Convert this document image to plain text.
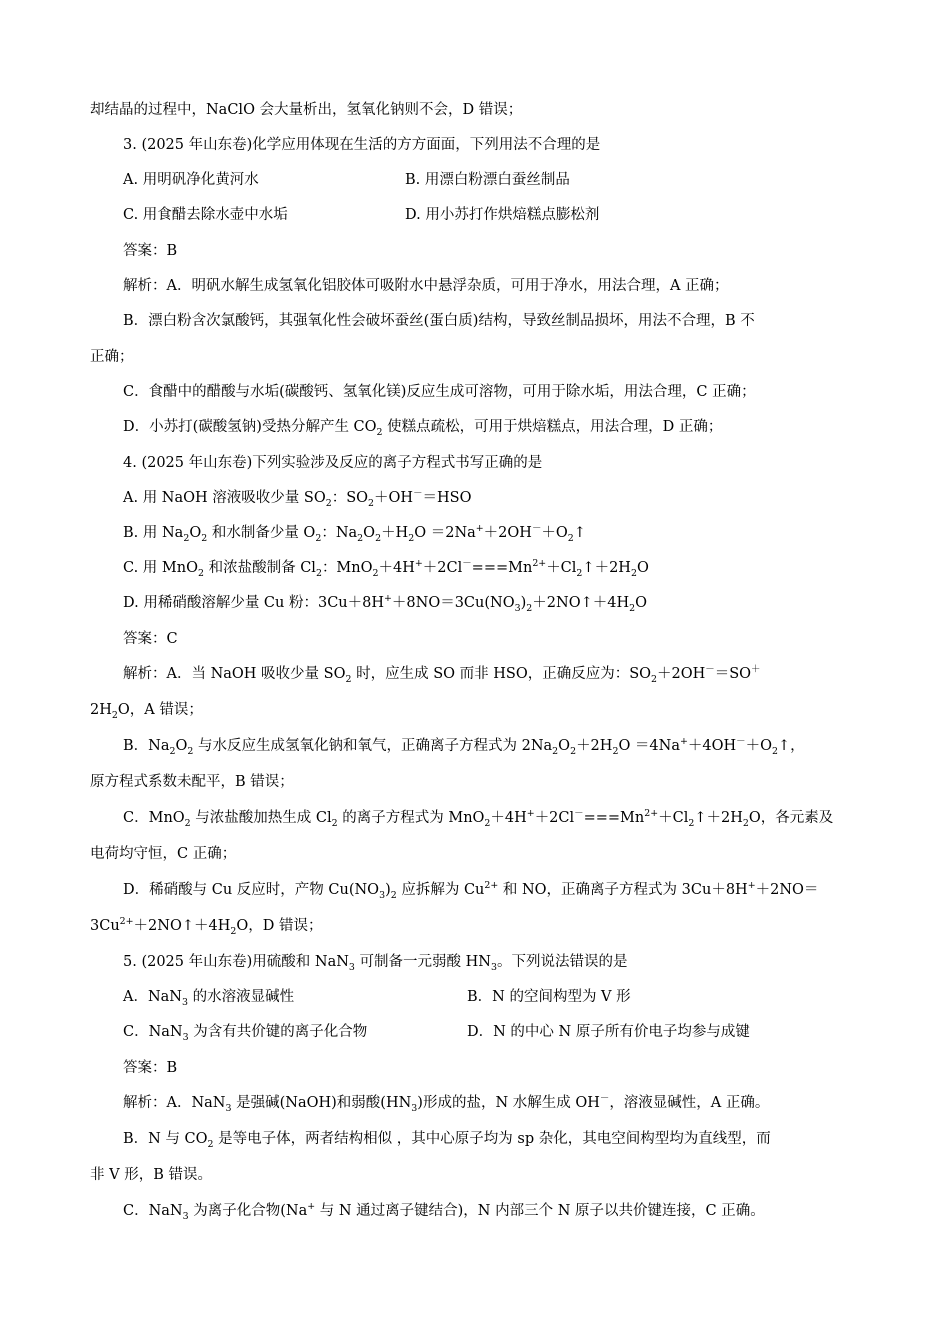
却结晶的过程中，NaClO 会大量析出，氢氧化钠则不会，D 错误；
3. (2025 年山东卷)化学应用体现在生活的方方面面，下列用法不合理的是
A. 用明矾净化黄河水	B. 用漂白粉漂白蚕丝制品
C. 用食醋去除水壶中水垢	D. 用小苏打作烘焙糕点膨松剂
答案：B
解析：A．明矾水解生成氢氧化铝胶体可吸附水中悬浮杂质，可用于净水，用法合理，A 正确；
B．漂白粉含次氯酸钙，其强氧化性会破坏蚕丝(蛋白质)结构，导致丝制品损坏，用法不合理，B 不
正确；
C．食醋中的醋酸与水垢(碳酸钙、氢氧化镁)反应生成可溶物，可用于除水垢，用法合理，C 正确；
D．小苏打(碳酸氢钠)受热分解产生 $CO_2$ 使糕点疏松，可用于烘焙糕点，用法合理，D 正确；
4. (2025 年山东卷)下列实验涉及反应的离子方程式书写正确的是
A. 用 NaOH 溶液吸收少量 $SO_2$：$SO_2+OH^-=HSO$
B. 用 $Na_2O_2$ 和水制备少量 $O_2$：$Na_2O_2+H_2O$ $=2Na^++2OH^-+O_2↑$
C. 用 MnO$_2$ 和浓盐酸制备 $Cl_2$：$MnO_2+4H^++2Cl^-===Mn^{2+}+Cl_2↑+2H_2O$
D. 用稀硝酸溶解少量 Cu 粉：$3Cu+8H^++8NO=3Cu(NO_3)_2+2NO↑+4H_2O$
答案：C
解析：A．当 NaOH 吸收少量 $SO_2$ 时，应生成 SO 而非 HSO，正确反应为：$SO_2+2OH^-=SO^+$
$2H_2O$，A 错误；
B．$Na_2O_2$ 与水反应生成氢氧化钠和氧气，正确离子方程式为 $2Na_2O_2+2H_2O$ $=4Na^++4OH^-+O_2↑$，
原方程式系数未配平，B 错误；
C．MnO$_2$ 与浓盐酸加热生成 $Cl_2$ 的离子方程式为 $MnO_2+4H^++2Cl^-===Mn^{2+}+Cl_2↑+2H_2O$，各元素及
电荷均守恒，C 正确；
D．稀硝酸与 Cu 反应时，产物 $Cu(NO_3)_2$ 应拆解为 $Cu^{2+}$ 和 NO，正确离子方程式为 3Cu＋8H+＋2NO＝
$3Cu^{2+}+2NO↑+4H_2O$，D 错误；
5. (2025 年山东卷)用硫酸和 NaN$_3$ 可制备一元弱酸 $HN_3$。下列说法错误的是
A．NaN$_3$ 的水溶液显碱性	B．N 的空间构型为 V 形
C．NaN$_3$ 为含有共价键的离子化合物	D．N 的中心 N 原子所有价电子均参与成键
答案：B
解析：A．NaN$_3$ 是强碱(NaOH)和弱酸$(HN_3)$形成的盐，N 水解生成 OH－，溶液显碱性，A 正确。
B．N 与 $CO_2$ 是等电子体，两者结构相似 ，其中心原子均为 sp 杂化，其电空间构型均为直线型，而
非 V 形，B 错误。
C．NaN$_3$ 为离子化合物(Na+ 与 N 通过离子键结合)，N 内部三个 N 原子以共价键连接，C 正确。
